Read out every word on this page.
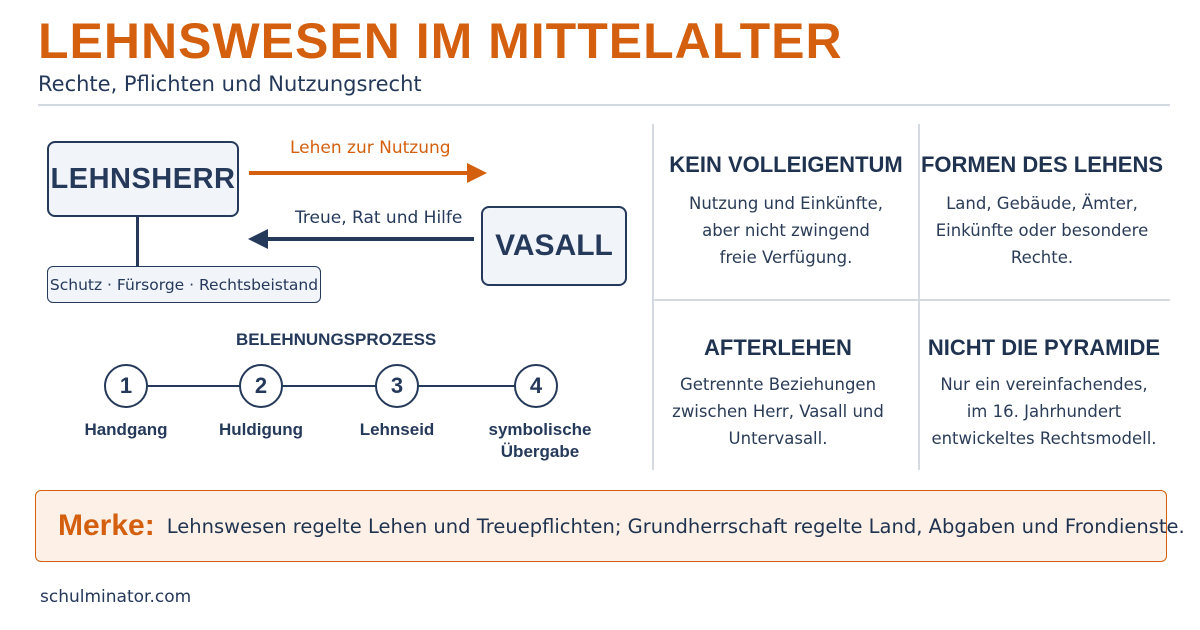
LEHNSWESEN IM MITTELALTER
Rechte, Pflichten und Nutzungsrecht
LEHNSHERR
Schutz · Fürsorge · Rechtsbeistand
Lehen zur Nutzung
Treue, Rat und Hilfe
VASALL
BELEHNUNGSPROZESS
1	2	3	4
Handgang	Huldigung	Lehnseid	symbolische
Übergabe
KEIN VOLLEIGENTUM
Nutzung und Einkünfte,
aber nicht zwingend
freie Verfügung.
FORMEN DES LEHENS
Land, Gebäude, Ämter,
Einkünfte oder besondere
Rechte.
AFTERLEHEN
Getrennte Beziehungen
zwischen Herr, Vasall und
Untervasall.
NICHT DIE PYRAMIDE
Nur ein vereinfachendes,
im 16. Jahrhundert
entwickeltes Rechtsmodell.
Merke: Lehnswesen regelte Lehen und Treuepflichten; Grundherrschaft regelte Land, Abgaben und Frondienste.
schulminator.com
